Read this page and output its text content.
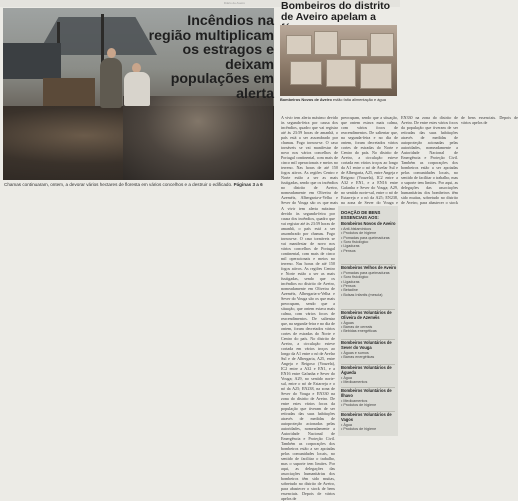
Diário de Aveiro
Incêndios na região multiplicam os estragos e deixam populações em alerta
Chamas continuaram, ontem, a devorar vários hectares de floresta em vários concelhos e a destruir o edificado. Páginas 3 a 6
Bombeiros do distrito de Aveiro apelam a
Bombeiros Novos de Aveiro estão falta alimentação e água
A vivir tem alerta máximo devido às segunda-feira por causa dos incêndios, quadro que vai registar até às 23:59 horas de amanhã, o país está a ser assombrado por chamas. Fogo tornou-se. O caso tornáveis se vai manifestar de novo nos vários concelhos de Portugal continental, com mais de cinco mil operacionais e meios no terreno. Nas horas de até 150 fogos ativos. As regiões Centro e Norte estão a ser as mais fustigadas, sendo que os incêndios no distrito de Aveiro, nomeadamente em Oliveira de Azeméis, Albergaria-a-Velha e Sever do Vouga são os que mais preocupam, sendo que a situação, que ontem estava mais calma, com vários focos de reacendimentos. De salientar que, na segunda-feira e no dia de ontem, foram decretados vários cortes de estradas do Norte e Centro do país. No distrito de Aveiro, a circulação esteve cortada em vários troços ao longo da A1 entre o nó de Avelar Sul e de Albergaria, A25, entre Angeja e Reigoso (Vouzela), IC2 entre a A32 e EN1, e a EN16 entre Gafanha e Sever do Vouga; A29, no sentido norte-sul, entre o nó de Estarreja e o nó da A25; EN238, na zona de Sever do Vouga e EN330 na zona do distrito de Aveiro. De entre estes vários focos da população que tiveram de ser retiradas das suas habitações através de medidas de autoproteção acionadas pelas autoridades, nomeadamente a Autoridade Nacional de Emergência e Proteção Civil. Também as corporações dos bombeiros estão a ser apoiadas pelas comunidades locais, no sentido de facilitar o trabalho, mas o suporte tem limites. Por aqui, as delegações das associações humanitárias dos bombeiros têm sido muitas, sobretudo no distrito de Aveiro, para abastecer o stock de bens essenciais. Depois de vários apelos de
A vivir tem alerta máximo devido às segunda-feira por causa dos incêndios, quadro que vai registar até às 23:59 horas de amanhã, o país está a ser assombrado por chamas. Fogo tornou-se. O caso tornáveis se vai manifestar de novo nos vários concelhos de Portugal continental, com mais de cinco mil operacionais e meios no terreno. Nas horas de até 150 fogos ativos. As regiões Centro e Norte estão a ser as mais fustigadas, sendo que os incêndios no distrito de Aveiro, nomeadamente em Oliveira de Azeméis, Albergaria-a-Velha e Sever do Vouga são os que mais preocupam, sendo que a situação, que ontem estava mais calma, com vários focos de reacendimentos. De salientar que, na segunda-feira e no dia de ontem, foram decretados vários cortes de estradas do Norte e Centro do país. No distrito de Aveiro, a circulação esteve cortada em vários troços ao longo da A1 entre o nó de Avelar Sul e de Albergaria, A25, entre Angeja e Reigoso (Vouzela), IC2 entre a A32 e EN1, e a EN16 entre Gafanha e Sever do Vouga; A29, no sentido norte-sul, entre o nó de Estarreja e o nó da A25; EN238, na zona de Sever do Vouga e EN330 na zona do distrito de Aveiro. De entre estes vários focos da população que tiveram de ser retiradas das suas habitações através de medidas de autoproteção acionadas pelas autoridades, nomeadamente a Autoridade Nacional de Emergência e Proteção Civil. Também as corporações dos bombeiros estão a ser apoiadas pelas comunidades locais, no sentido de facilitar o trabalho, mas o suporte tem limites. Por aqui, as delegações das associações humanitárias dos bombeiros têm sido muitas, sobretudo no distrito de Aveiro, para abastecer o stock de bens essenciais. Depois de vários apelos de
DOAÇÃO DE BENS ESSENCIAIS AOS:
Bombeiros Novos de Aveiro
• Anti-histamínicos
• Produtos de higiene
• Pomadas para queimaduras
• Soro fisiológico
• Ligaduras
• Pensos
Bombeiros Velhos de Aveiro
• Pomadas para queimaduras
• Soro fisiológico
• Ligaduras
• Pensos
• Betadine
• Bolsas Infantis (mescla)
Bombeiros Voluntários de Oliveira de Azeméis
• Águas
• Barras de cereais
• Bebidas energéticas
Bombeiros Voluntários de Sever do Vouga
• Águas e sumos
• Barras energéticas
Bombeiros Voluntários de Águeda
• Água
• Medicamentos
Bombeiros Voluntários de Ílhavo
• Medicamentos
• Produtos de higiene
Bombeiros Voluntários de Vagos
• Água
• Produtos de higiene
